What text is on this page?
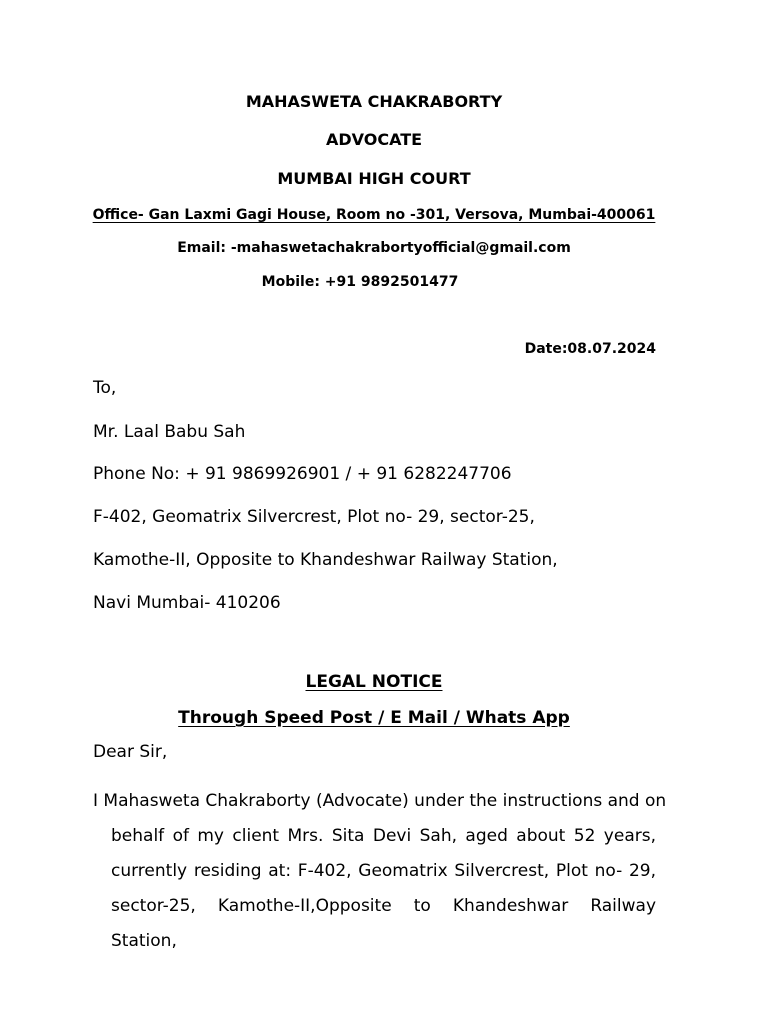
MAHASWETA CHAKRABORTY
ADVOCATE
MUMBAI HIGH COURT
Office- Gan Laxmi Gagi House, Room no -301, Versova, Mumbai-400061
Email: -mahaswetachakrabortyofficial@gmail.com
Mobile: +91 9892501477
Date:08.07.2024
To,
Mr. Laal Babu Sah
Phone No: + 91 9869926901 / + 91 6282247706
F-402, Geomatrix Silvercrest, Plot no- 29, sector-25,
Kamothe-II, Opposite to Khandeshwar Railway Station,
Navi Mumbai- 410206
LEGAL NOTICE
Through Speed Post / E Mail / Whats App
Dear Sir,
I Mahasweta Chakraborty (Advocate) under the instructions and on
behalf of my client Mrs. Sita Devi Sah, aged about 52 years,
currently residing at: F-402, Geomatrix Silvercrest, Plot no- 29,
sector-25, Kamothe-II,Opposite to Khandeshwar Railway Station,
